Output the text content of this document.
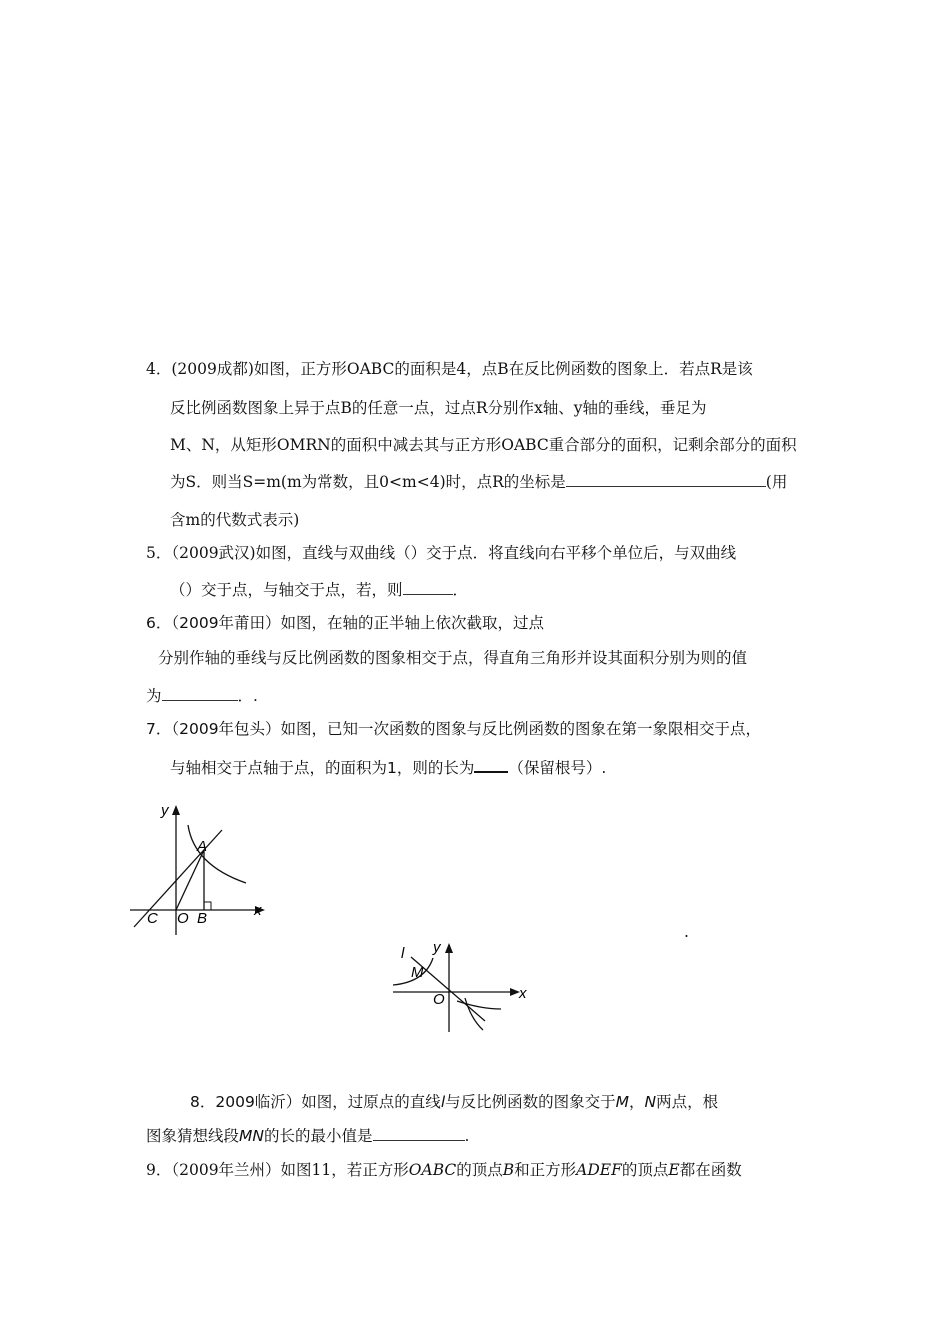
4．(2009成都)如图，正方形OABC的面积是4，点B在反比例函数的图象上．若点R是该
反比例函数图象上异于点B的任意一点，过点R分别作x轴、y轴的垂线，垂足为
M、N，从矩形OMRN的面积中减去其与正方形OABC重合部分的面积，记剩余部分的面积
为S．则当S=m(m为常数，且0<m<4)时，点R的坐标是	(用
含m的代数式表示)
5．（2009武汉)如图，直线与双曲线（）交于点．将直线向右平移个单位后，与双曲线
（）交于点，与轴交于点，若，则	．
6．（2009年莆田）如图，在轴的正半轴上依次截取，过点
分别作轴的垂线与反比例函数的图象相交于点，得直角三角形并设其面积分别为则的值
为	．.
7．（2009年包头）如图，已知一次函数的图象与反比例函数的图象在第一象限相交于点，
与轴相交于点轴于点，的面积为1，则的长为 （保留根号）.
y
x
A
C O B
.
l y
M
O	x
8．2009临沂）如图，过原点的直线l与反比例函数的图象交于M，N两点，根
图象猜想线段MN的长的最小值是	.
9．（2009年兰州）如图11，若正方形OABC的顶点B和正方形ADEF的顶点E都在函数
